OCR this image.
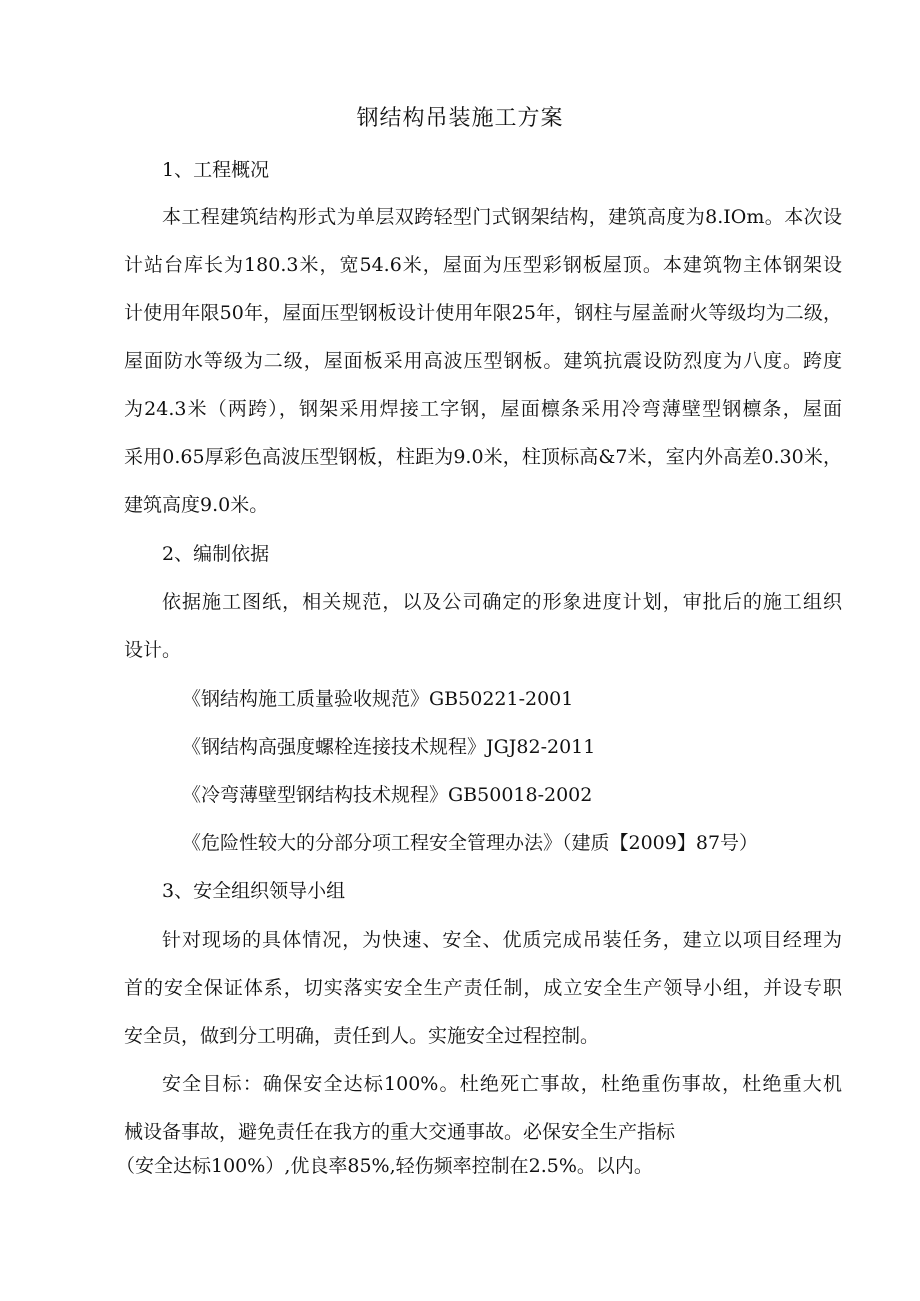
钢结构吊装施工方案
1、工程概况
本工程建筑结构形式为单层双跨轻型门式钢架结构，建筑高度为8.IOm。本次设
计站台库长为180.3米，宽54.6米，屋面为压型彩钢板屋顶。本建筑物主体钢架设
计使用年限50年，屋面压型钢板设计使用年限25年，钢柱与屋盖耐火等级均为二级，
屋面防水等级为二级，屋面板采用高波压型钢板。建筑抗震设防烈度为八度。跨度
为24.3米（两跨），钢架采用焊接工字钢，屋面檩条采用冷弯薄壁型钢檩条，屋面
采用0.65厚彩色高波压型钢板，柱距为9.0米，柱顶标高&7米，室内外高差0.30米，
建筑高度9.0米。
2、编制依据
依据施工图纸，相关规范，以及公司确定的形象进度计划，审批后的施工组织
设计。
《钢结构施工质量验收规范》GB50221-2001
《钢结构高强度螺栓连接技术规程》JGJ82-2011
《冷弯薄壁型钢结构技术规程》GB50018-2002
《危险性较大的分部分项工程安全管理办法》（建质【2009】87号）
3、安全组织领导小组
针对现场的具体情况，为快速、安全、优质完成吊装任务，建立以项目经理为
首的安全保证体系，切实落实安全生产责任制，成立安全生产领导小组，并设专职
安全员，做到分工明确，责任到人。实施安全过程控制。
安全目标：确保安全达标100%。杜绝死亡事故，杜绝重伤事故，杜绝重大机
械设备事故，避免责任在我方的重大交通事故。必保安全生产指标
（安全达标100%）,优良率85%,轻伤频率控制在2.5%。以内。
